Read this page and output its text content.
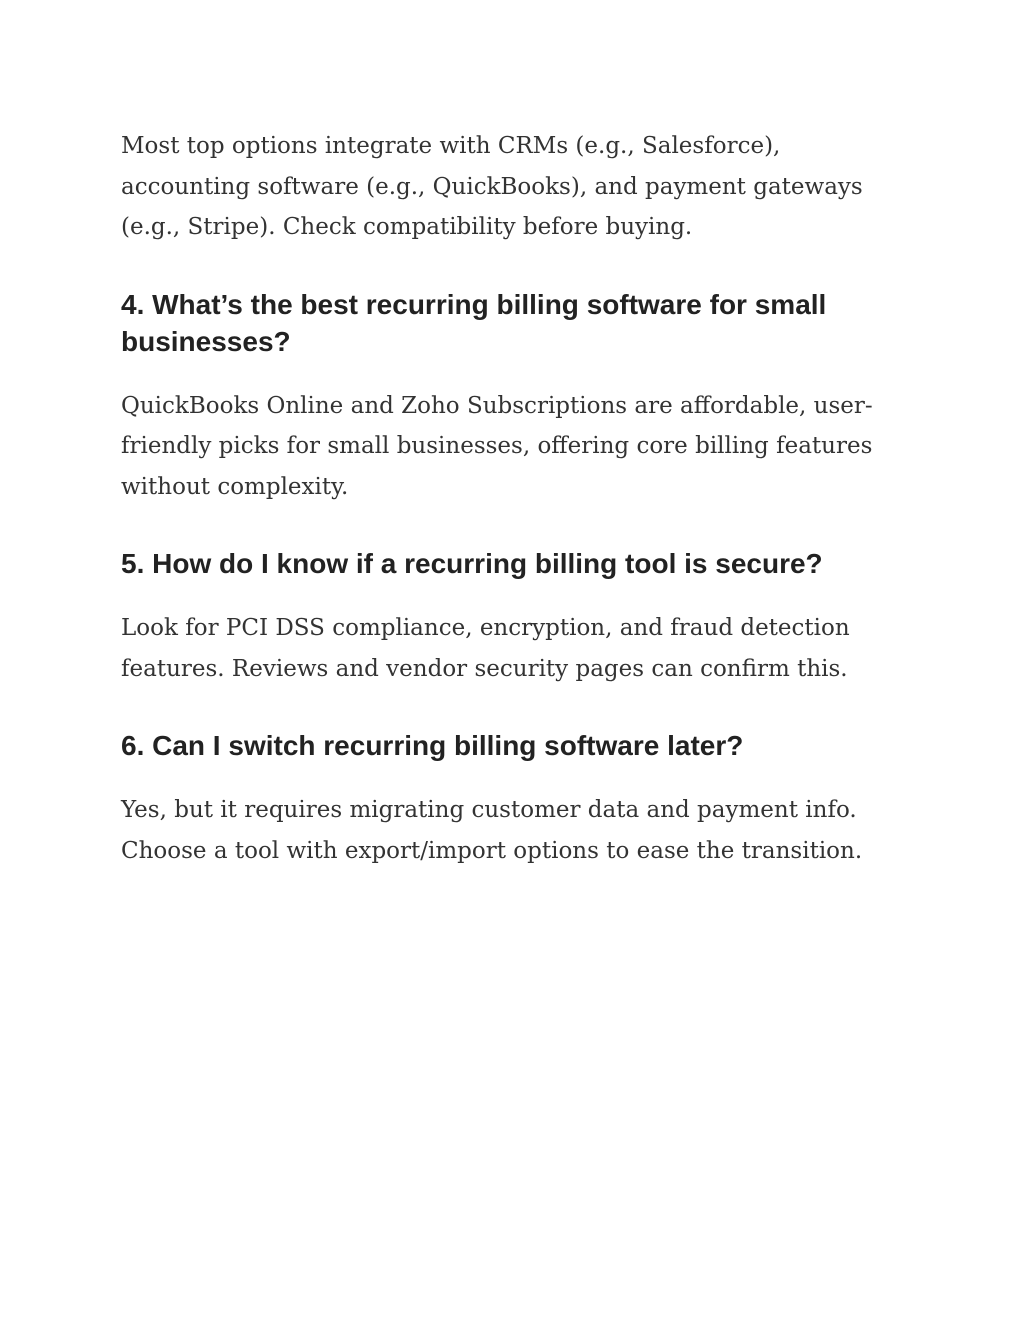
Most top options integrate with CRMs (e.g., Salesforce), accounting software (e.g., QuickBooks), and payment gateways (e.g., Stripe). Check compatibility before buying.

4. What’s the best recurring billing software for small businesses?

QuickBooks Online and Zoho Subscriptions are affordable, user-friendly picks for small businesses, offering core billing features without complexity.

5. How do I know if a recurring billing tool is secure?

Look for PCI DSS compliance, encryption, and fraud detection features. Reviews and vendor security pages can confirm this.

6. Can I switch recurring billing software later?

Yes, but it requires migrating customer data and payment info. Choose a tool with export/import options to ease the transition.
